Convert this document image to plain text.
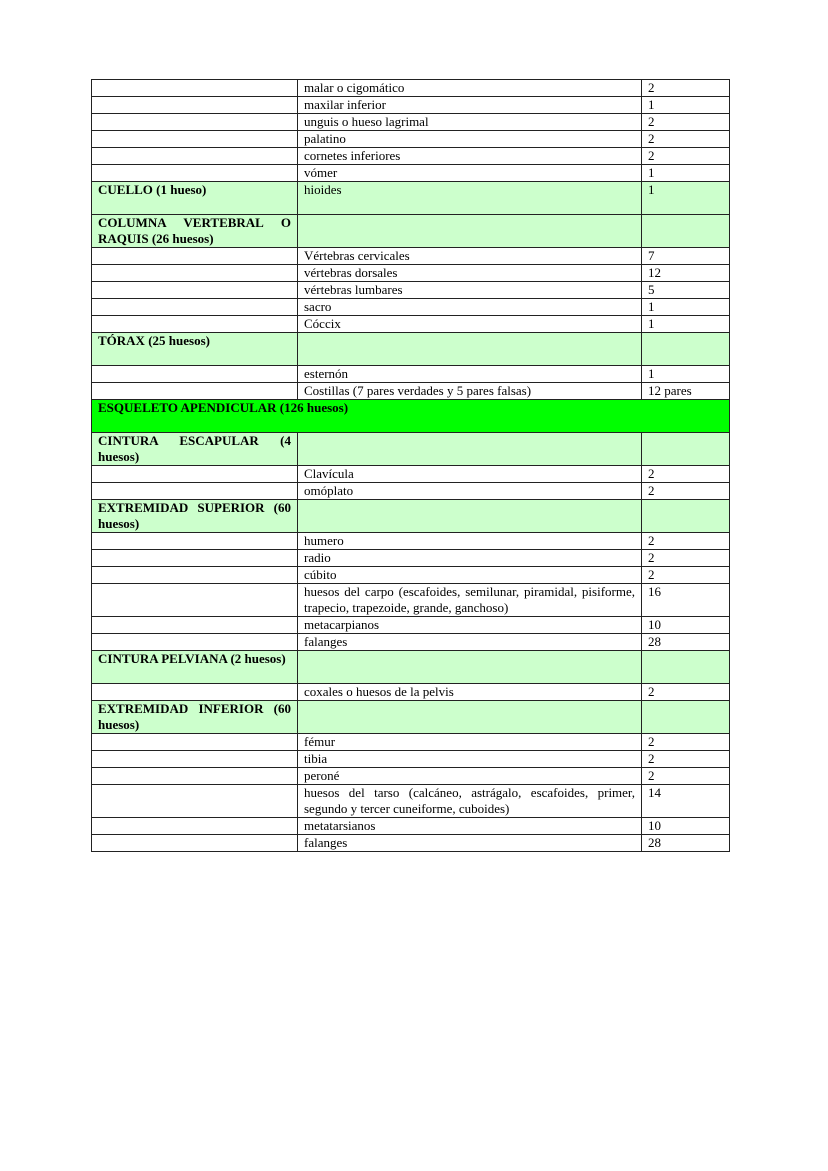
	malar o cigomático	2
	maxilar inferior	1
	unguis o hueso lagrimal	2
	palatino	2
	cornetes inferiores	2
	vómer	1
CUELLO (1 hueso)	hioides	1
COLUMNA VERTEBRAL O RAQUIS (26 huesos)		
	Vértebras cervicales	7
	vértebras dorsales	12
	vértebras lumbares	5
	sacro	1
	Cóccix	1
TÓRAX (25 huesos)		
	esternón	1
	Costillas (7 pares verdades y 5 pares falsas)	12 pares
ESQUELETO APENDICULAR (126 huesos)		
CINTURA ESCAPULAR (4 huesos)		
	Clavícula	2
	omóplato	2
EXTREMIDAD SUPERIOR (60 huesos)		
	humero	2
	radio	2
	cúbito	2
	huesos del carpo (escafoides, semilunar, piramidal, pisiforme, trapecio, trapezoide, grande, ganchoso)	16
	metacarpianos	10
	falanges	28
CINTURA PELVIANA (2 huesos)		
	coxales o huesos de la pelvis	2
EXTREMIDAD INFERIOR (60 huesos)		
	fémur	2
	tibia	2
	peroné	2
	huesos del tarso (calcáneo, astrágalo, escafoides, primer, segundo y tercer cuneiforme, cuboides)	14
	metatarsianos	10
	falanges	28
